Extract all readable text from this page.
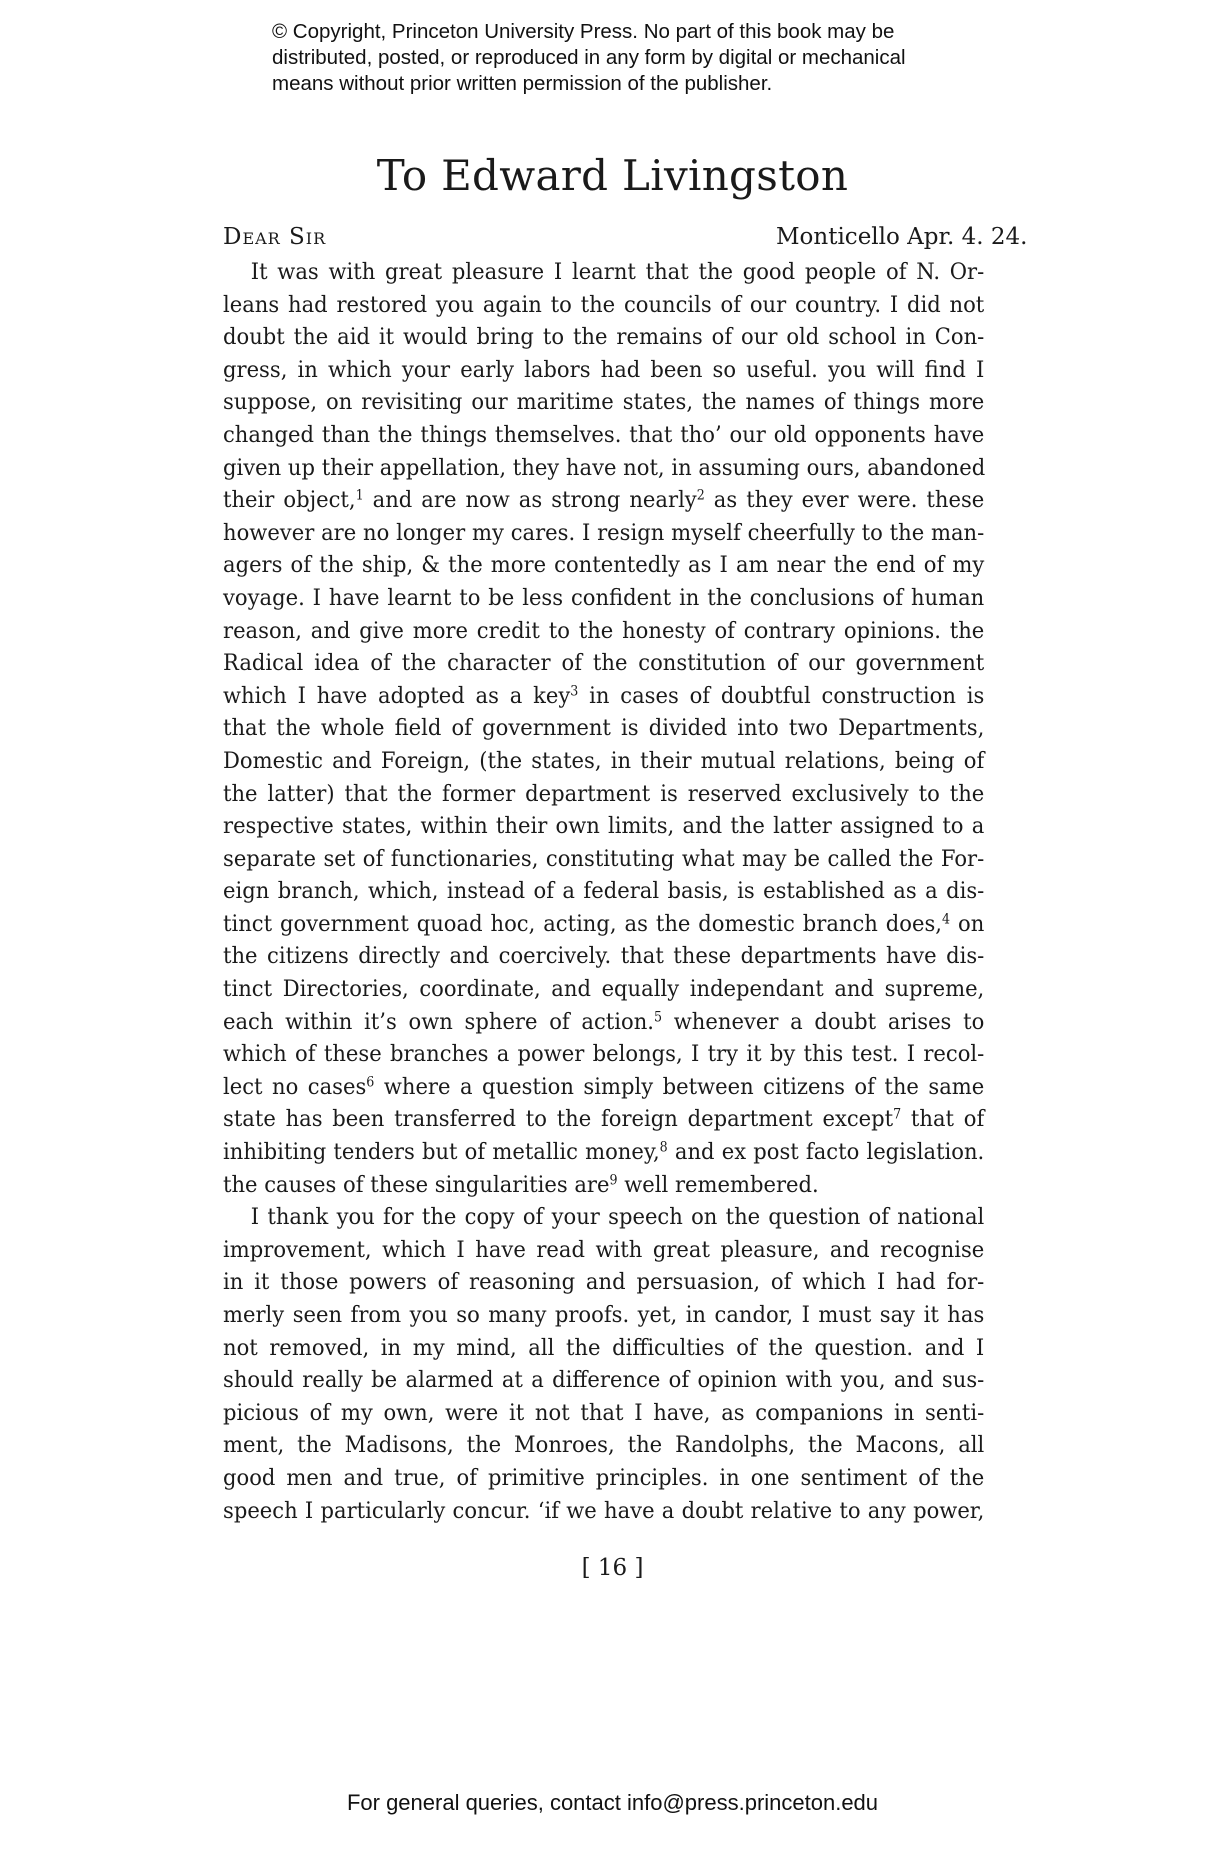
© Copyright, Princeton University Press. No part of this book may be
distributed, posted, or reproduced in any form by digital or mechanical
means without prior written permission of the publisher.
To Edward Livingston
Dear Sir	Monticello Apr. 4. 24.
It was with great pleasure I learnt that the good people of N. Or-
leans had restored you again to the councils of our country. I did not
doubt the aid it would bring to the remains of our old school in Con-
gress, in which your early labors had been so useful. you will find I
suppose, on revisiting our maritime states, the names of things more
changed than the things themselves. that tho’ our old opponents have
given up their appellation, they have not, in assuming ours, abandoned
their object,$^1$ and are now as strong nearly$^2$ as they ever were. these
however are no longer my cares. I resign myself cheerfully to the man-
agers of the ship, & the more contentedly as I am near the end of my
voyage. I have learnt to be less confident in the conclusions of human
reason, and give more credit to the honesty of contrary opinions. the
Radical idea of the character of the constitution of our government
which I have adopted as a key$^3$ in cases of doubtful construction is
that the whole field of government is divided into two Departments,
Domestic and Foreign, (the states, in their mutual relations, being of
the latter) that the former department is reserved exclusively to the
respective states, within their own limits, and the latter assigned to a
separate set of functionaries, constituting what may be called the For-
eign branch, which, instead of a federal basis, is established as a dis-
tinct government quoad hoc, acting, as the domestic branch does,$^4$ on
the citizens directly and coercively. that these departments have dis-
tinct Directories, coordinate, and equally independant and supreme,
each within it’s own sphere of action.$^5$ whenever a doubt arises to
which of these branches a power belongs, I try it by this test. I recol-
lect no cases$^6$ where a question simply between citizens of the same
state has been transferred to the foreign department except$^7$ that of
inhibiting tenders but of metallic money,$^8$ and ex post facto legislation.
the causes of these singularities are$^9$ well remembered.
I thank you for the copy of your speech on the question of national
improvement, which I have read with great pleasure, and recognise
in it those powers of reasoning and persuasion, of which I had for-
merly seen from you so many proofs. yet, in candor, I must say it has
not removed, in my mind, all the difficulties of the question. and I
should really be alarmed at a difference of opinion with you, and sus-
picious of my own, were it not that I have, as companions in senti-
ment, the Madisons, the Monroes, the Randolphs, the Macons, all
good men and true, of primitive principles. in one sentiment of the
speech I particularly concur. ‘if we have a doubt relative to any power,
[ 16 ]
For general queries, contact info@press.princeton.edu
